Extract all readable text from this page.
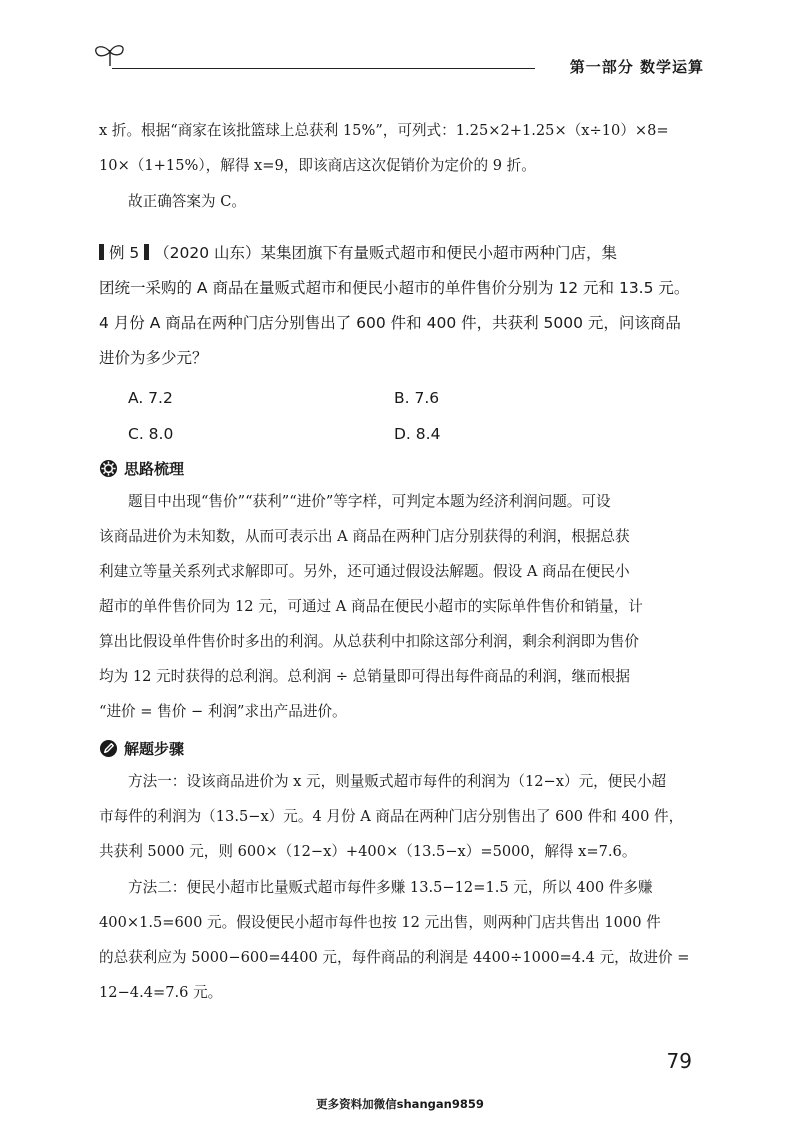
第一部分 数学运算
x 折。根据“商家在该批篮球上总获利 15%”，可列式：1.25×2+1.25×（x÷10）×8=
10×（1+15%），解得 x=9，即该商店这次促销价为定价的 9 折。
故正确答案为 C。
例 5 （2020 山东）某集团旗下有量贩式超市和便民小超市两种门店，集
团统一采购的 A 商品在量贩式超市和便民小超市的单件售价分别为 12 元和 13.5 元。
4 月份 A 商品在两种门店分别售出了 600 件和 400 件，共获利 5000 元，问该商品
进价为多少元？
A. 7.2	B. 7.6
C. 8.0	D. 8.4
思路梳理
题目中出现“售价”“获利”“进价”等字样，可判定本题为经济利润问题。可设
该商品进价为未知数，从而可表示出 A 商品在两种门店分别获得的利润，根据总获
利建立等量关系列式求解即可。另外，还可通过假设法解题。假设 A 商品在便民小
超市的单件售价同为 12 元，可通过 A 商品在便民小超市的实际单件售价和销量，计
算出比假设单件售价时多出的利润。从总获利中扣除这部分利润，剩余利润即为售价
均为 12 元时获得的总利润。总利润 ÷ 总销量即可得出每件商品的利润，继而根据
“进价 = 售价 − 利润”求出产品进价。
解题步骤
方法一：设该商品进价为 x 元，则量贩式超市每件的利润为（12−x）元，便民小超
市每件的利润为（13.5−x）元。4 月份 A 商品在两种门店分别售出了 600 件和 400 件，
共获利 5000 元，则 600×（12−x）+400×（13.5−x）=5000，解得 x=7.6。
方法二：便民小超市比量贩式超市每件多赚 13.5−12=1.5 元，所以 400 件多赚
400×1.5=600 元。假设便民小超市每件也按 12 元出售，则两种门店共售出 1000 件
的总获利应为 5000−600=4400 元，每件商品的利润是 4400÷1000=4.4 元，故进价 =
12−4.4=7.6 元。
79
更多资料加微信shangan9859
